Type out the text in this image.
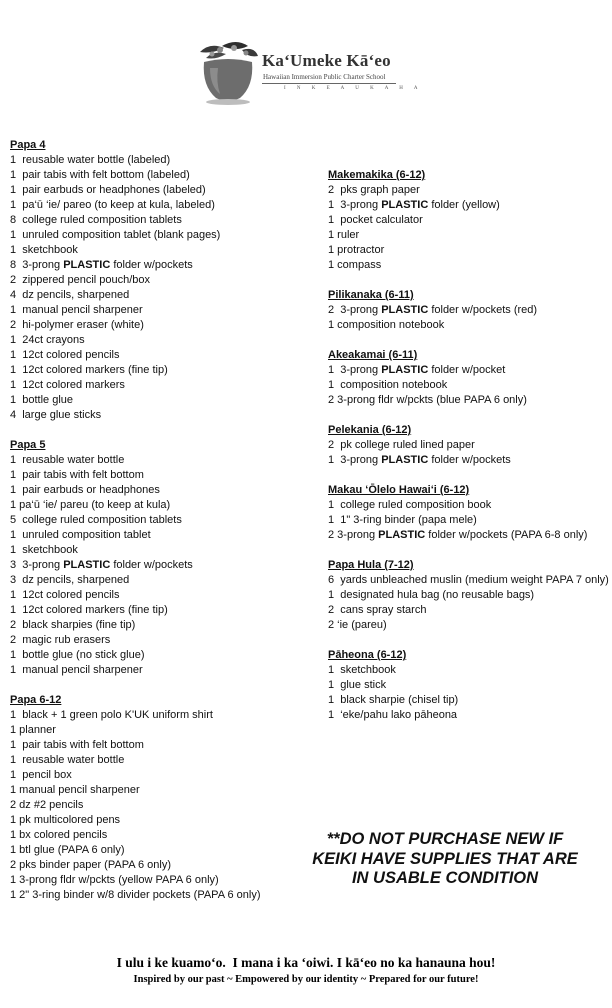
Ka‘Umeke Kā‘eo
Hawaiian Immersion Public Charter School
I N K E A U K A H A
Papa 4
1  reusable water bottle (labeled)
1  pair tabis with felt bottom (labeled)
1  pair earbuds or headphones (labeled)
1  pa‘ū ‘ie/ pareo (to keep at kula, labeled)
8  college ruled composition tablets
1  unruled composition tablet (blank pages)
1  sketchbook
8  3-prong PLASTIC folder w/pockets
2  zippered pencil pouch/box
4  dz pencils, sharpened
1  manual pencil sharpener
2  hi-polymer eraser (white)
1  24ct crayons
1  12ct colored pencils
1  12ct colored markers (fine tip)
1  12ct colored markers
1  bottle glue
4  large glue sticks
Papa 5
1  reusable water bottle
1  pair tabis with felt bottom
1  pair earbuds or headphones
1 pa‘ū ‘ie/ pareu (to keep at kula)
5  college ruled composition tablets
1  unruled composition tablet
1  sketchbook
3  3-prong PLASTIC folder w/pockets
3  dz pencils, sharpened
1  12ct colored pencils
1  12ct colored markers (fine tip)
2  black sharpies (fine tip)
2  magic rub erasers
1  bottle glue (no stick glue)
1  manual pencil sharpener
Papa 6-12
1  black + 1 green polo K'UK uniform shirt
1 planner
1  pair tabis with felt bottom
1  reusable water bottle
1  pencil box
1 manual pencil sharpener
2 dz #2 pencils
1 pk multicolored pens
1 bx colored pencils
1 btl glue (PAPA 6 only)
2 pks binder paper (PAPA 6 only)
1 3-prong fldr w/pckts (yellow PAPA 6 only)
1 2" 3-ring binder w/8 divider pockets (PAPA 6 only)
Makemakika (6-12)
2  pks graph paper
1  3-prong PLASTIC folder (yellow)
1  pocket calculator
1 ruler
1 protractor
1 compass
Pilikanaka (6-11)
2  3-prong PLASTIC folder w/pockets (red)
1 composition notebook
Akeakamai (6-11)
1  3-prong PLASTIC folder w/pocket
1  composition notebook
2 3-prong fldr w/pckts (blue PAPA 6 only)
Pelekania (6-12)
2  pk college ruled lined paper
1  3-prong PLASTIC folder w/pockets
Makau ‘Ōlelo Hawai‘i (6-12)
1  college ruled composition book
1  1" 3-ring binder (papa mele)
2 3-prong PLASTIC folder w/pockets (PAPA 6-8 only)
Papa Hula (7-12)
6  yards unbleached muslin (medium weight PAPA 7 only)
1  designated hula bag (no reusable bags)
2  cans spray starch
2 ‘ie (pareu)
Pāheona (6-12)
1  sketchbook
1  glue stick
1  black sharpie (chisel tip)
1  ‘eke/pahu lako pāheona
**DO NOT PURCHASE NEW IF
KEIKI HAVE SUPPLIES THAT ARE
IN USABLE CONDITION
I ulu i ke kuamo‘o.  I mana i ka ‘oiwi. I kā‘eo no ka hanauna hou!
Inspired by our past ~ Empowered by our identity ~ Prepared for our future!
